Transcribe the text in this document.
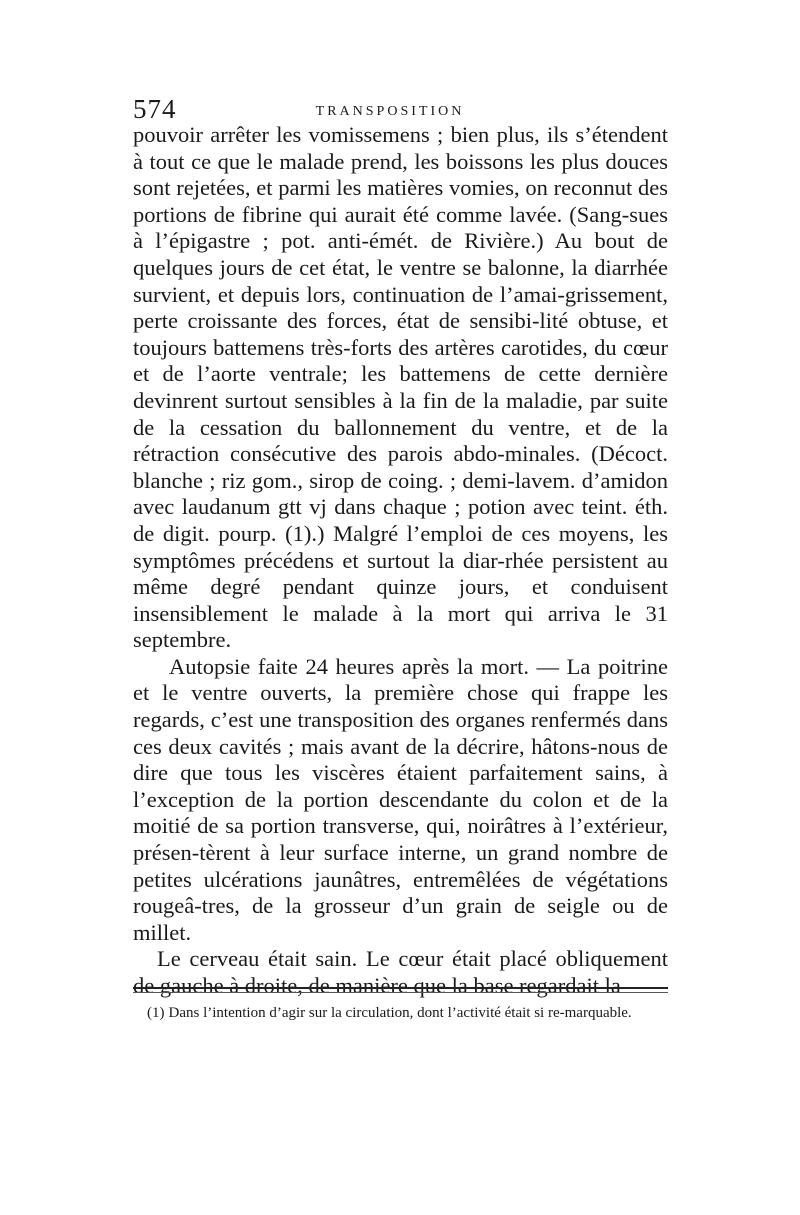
574	TRANSPOSITION

pouvoir arrêter les vomissemens ; bien plus, ils s’étendent à tout ce que le malade prend, les boissons les plus douces sont rejetées, et parmi les matières vomies, on reconnut des portions de fibrine qui aurait été comme lavée. (Sang-sues à l’épigastre ; pot. anti-émét. de Rivière.) Au bout de quelques jours de cet état, le ventre se balonne, la diarrhée survient, et depuis lors, continuation de l’amai-grissement, perte croissante des forces, état de sensibi-lité obtuse, et toujours battemens très-forts des artères carotides, du cœur et de l’aorte ventrale; les battemens de cette dernière devinrent surtout sensibles à la fin de la maladie, par suite de la cessation du ballonnement du ventre, et de la rétraction consécutive des parois abdo-minales. (Décoct. blanche ; riz gom., sirop de coing. ; demi-lavem. d’amidon avec laudanum gtt vj dans chaque ; potion avec teint. éth. de digit. pourp. (1).) Malgré l’emploi de ces moyens, les symptômes précédens et surtout la diar-rhée persistent au même degré pendant quinze jours, et conduisent insensiblement le malade à la mort qui arriva le 31 septembre.

Autopsie faite 24 heures après la mort. — La poitrine et le ventre ouverts, la première chose qui frappe les regards, c’est une transposition des organes renfermés dans ces deux cavités ; mais avant de la décrire, hâtons-nous de dire que tous les viscères étaient parfaitement sains, à l’exception de la portion descendante du colon et de la moitié de sa portion transverse, qui, noirâtres à l’extérieur, présen-tèrent à leur surface interne, un grand nombre de petites ulcérations jaunâtres, entremêlées de végétations rougeâ-tres, de la grosseur d’un grain de seigle ou de millet.

Le cerveau était sain. Le cœur était placé obliquement de gauche à droite, de manière que la base regardait la

(1) Dans l’intention d’agir sur la circulation, dont l’activité était si re-marquable.
